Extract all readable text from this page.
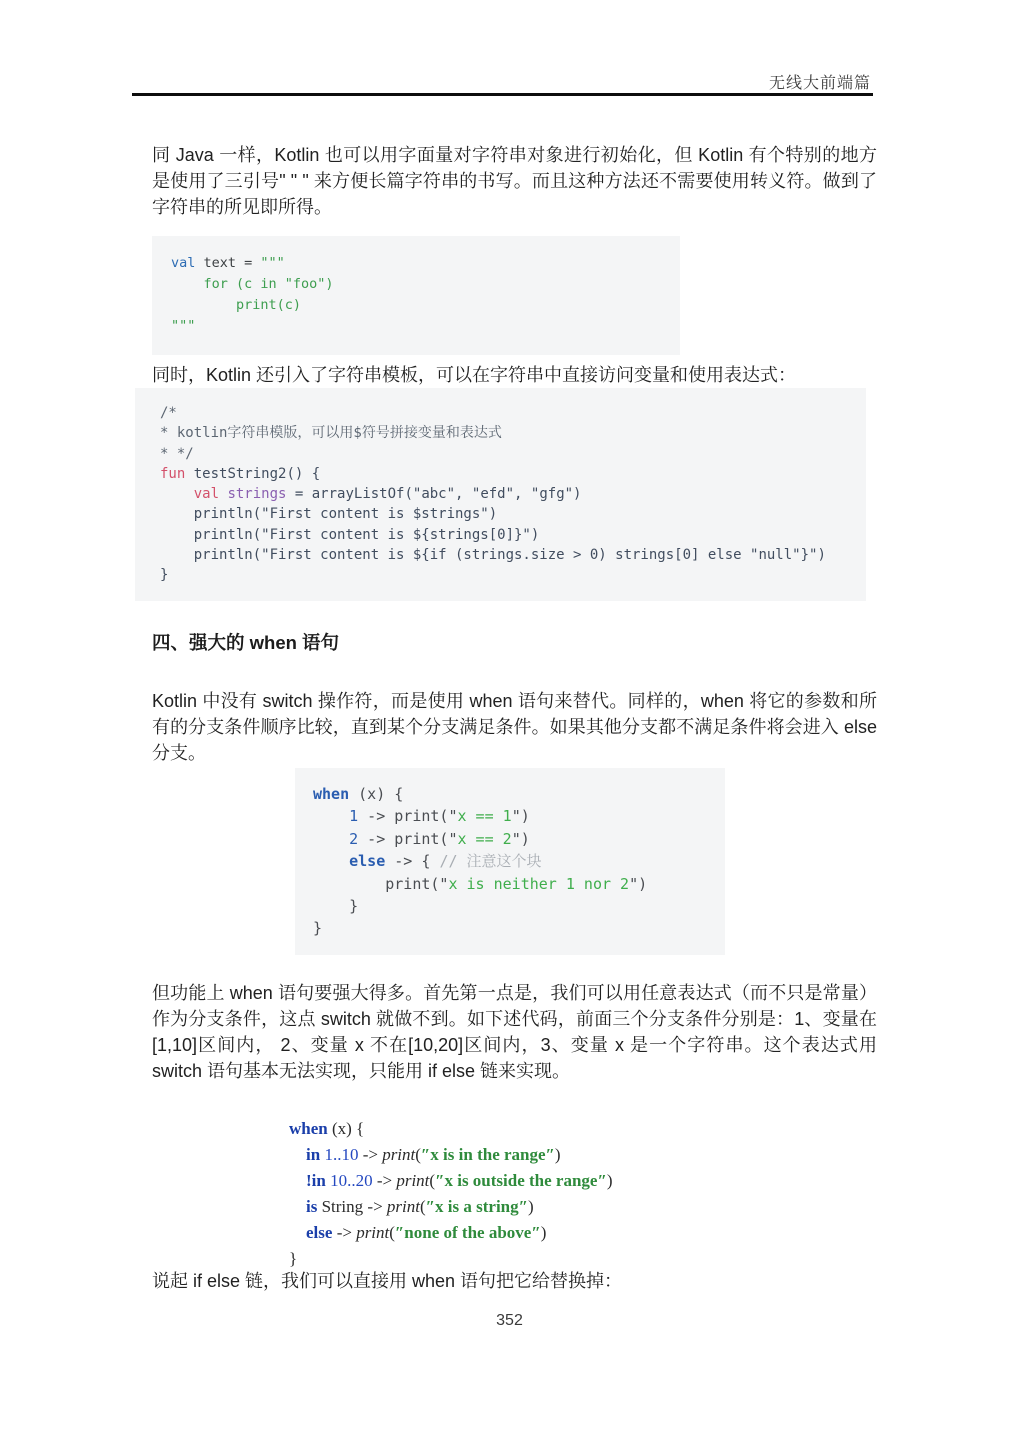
无线大前端篇

同 Java 一样，Kotlin 也可以用字面量对字符串对象进行初始化，但 Kotlin 有个特别的地方是使用了三引号" " " 来方便长篇字符串的书写。而且这种方法还不需要使用转义符。做到了字符串的所见即所得。

val text = """
for (c in "foo")
print(c)
"""

同时，Kotlin 还引入了字符串模板，可以在字符串中直接访问变量和使用表达式：

/*
* kotlin字符串模版，可以用$符号拼接变量和表达式
* */
fun testString2() {
val strings = arrayListOf("abc", "efd", "gfg")
println("First content is $strings")
println("First content is ${strings[0]}")
println("First content is ${if (strings.size > 0) strings[0] else "null"}")
}
四、强大的 when 语句

Kotlin 中没有 switch 操作符，而是使用 when 语句来替代。同样的，when 将它的参数和所有的分支条件顺序比较，直到某个分支满足条件。如果其他分支都不满足条件将会进入 else 分支。

when (x) {
1 -> print("x == 1")
2 -> print("x == 2")
else -> { // 注意这个块
print("x is neither 1 nor 2")
}
}

但功能上 when 语句要强大得多。首先第一点是，我们可以用任意表达式（而不只是常量）作为分支条件，这点 switch 就做不到。如下述代码，前面三个分支条件分别是：1、变量在[1,10]区间内， 2、变量 x 不在[10,20]区间内，3、变量 x 是一个字符串。这个表达式用 switch 语句基本无法实现，只能用 if else 链来实现。

when (x) {
in 1..10 -> print(″x is in the range″)
!in 10..20 -> print(″x is outside the range″)
is String -> print(″x is a string″)
else -> print(″none of the above″)
}

说起 if else 链，我们可以直接用 when 语句把它给替换掉：

352
